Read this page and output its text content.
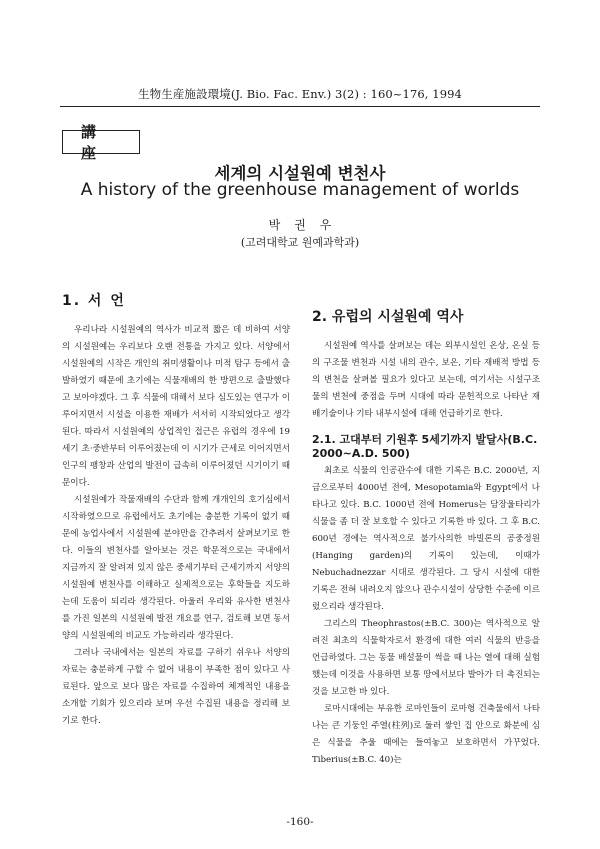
生物生産施設環境(J. Bio. Fac. Env.) 3(2) : 160~176, 1994
講座
세계의 시설원예 변천사
A history of the greenhouse management of worlds
박권우
(고려대학교 원예과학과)
1. 서 언

우리나라 시설원예의 역사가 비교적 짧은 데 비하여 서양의 시설원예는 우리보다 오랜 전통을 가지고 있다. 서양에서 시설원예의 시작은 개인의 취미생활이나 미적 탐구 등에서 출발하였기 때문에 초기에는 식물재배의 한 방편으로 출발했다고 보아야겠다. 그 후 식물에 대해서 보다 심도있는 연구가 이루어지면서 시설을 이용한 재배가 서서히 시작되었다고 생각된다. 따라서 시설원예의 상업적인 접근은 유럽의 경우에 19세기 초·중반부터 이루어졌는데 이 시기가 근세로 이어지면서 인구의 팽창과 산업의 발전이 급속히 이루어졌던 시기이기 때문이다.

시설원예가 작물재배의 수단과 함께 개개인의 호기심에서 시작하였으므로 유럽에서도 초기에는 충분한 기록이 없기 때문에 농업사에서 시설원예 분야만을 간추려서 살펴보기로 한다. 이들의 변천사를 알아보는 것은 학문적으로는 국내에서 지금까지 잘 알려져 있지 않은 중세기부터 근세기까지 서양의 시설원예 변천사를 이해하고 실제적으로는 후학들을 지도하는데 도움이 되리라 생각된다. 아울러 우리와 유사한 변천사를 가진 일본의 시설원예 발전 개요를 연구, 검토해 보면 동서양의 시설원예의 비교도 가능하리라 생각된다.

그러나 국내에서는 일본의 자료를 구하기 쉬우나 서양의 자료는 충분하게 구할 수 없어 내용이 부족한 점이 있다고 사료된다. 앞으로 보다 많은 자료를 수집하여 체계적인 내용을 소개할 기회가 있으리라 보며 우선 수집된 내용을 정리해 보기로 한다.

2. 유럽의 시설원예 역사

시설원예 역사를 살펴보는 데는 외부시설인 온상, 온실 등의 구조물 변천과 시설 내의 관수, 보온, 기타 재배적 방법 등의 변천을 살펴볼 필요가 있다고 보는데, 여기서는 시설구조물의 변천에 중점을 두며 시대에 따라 문헌적으로 나타난 재배기술이나 기타 내부시설에 대해 언급하기로 한다.

2.1. 고대부터 기원후 5세기까지 발달사(B.C. 2000~A.D. 500)

최초로 식물의 인공관수에 대한 기록은 B.C. 2000년, 지금으로부터 4000년 전에, Mesopotamia와 Egypt에서 나타나고 있다. B.C. 1000년 전에 Homerus는 담장울타리가 식물을 좀 더 잘 보호할 수 있다고 기록한 바 있다. 그 후 B.C. 600년 경에는 역사적으로 불가사의한 바빌론의 공중정원(Hanging garden)의 기록이 있는데, 이때가 Nebuchadnezzar 시대로 생각된다. 그 당시 시설에 대한 기록은 전혀 내려오지 않으나 관수시설이 상당한 수준에 이르렀으리라 생각된다.

그리스의 Theophrastos(±B.C. 300)는 역사적으로 알려진 최초의 식물학자로서 환경에 대한 여러 식물의 반응을 언급하였다. 그는 동물 배설물이 썩을 때 나는 열에 대해 실험했는데 이것을 사용하면 보통 땅에서보다 발아가 더 촉진되는 것을 보고한 바 있다.

로마시대에는 부유한 로마인들이 로마형 건축물에서 나타나는 큰 기둥인 주열(柱列)로 둘러 쌓인 집 안으로 화분에 심은 식물을 추울 때에는 들여놓고 보호하면서 가꾸었다. Tiberius(±B.C. 40)는

-160-
